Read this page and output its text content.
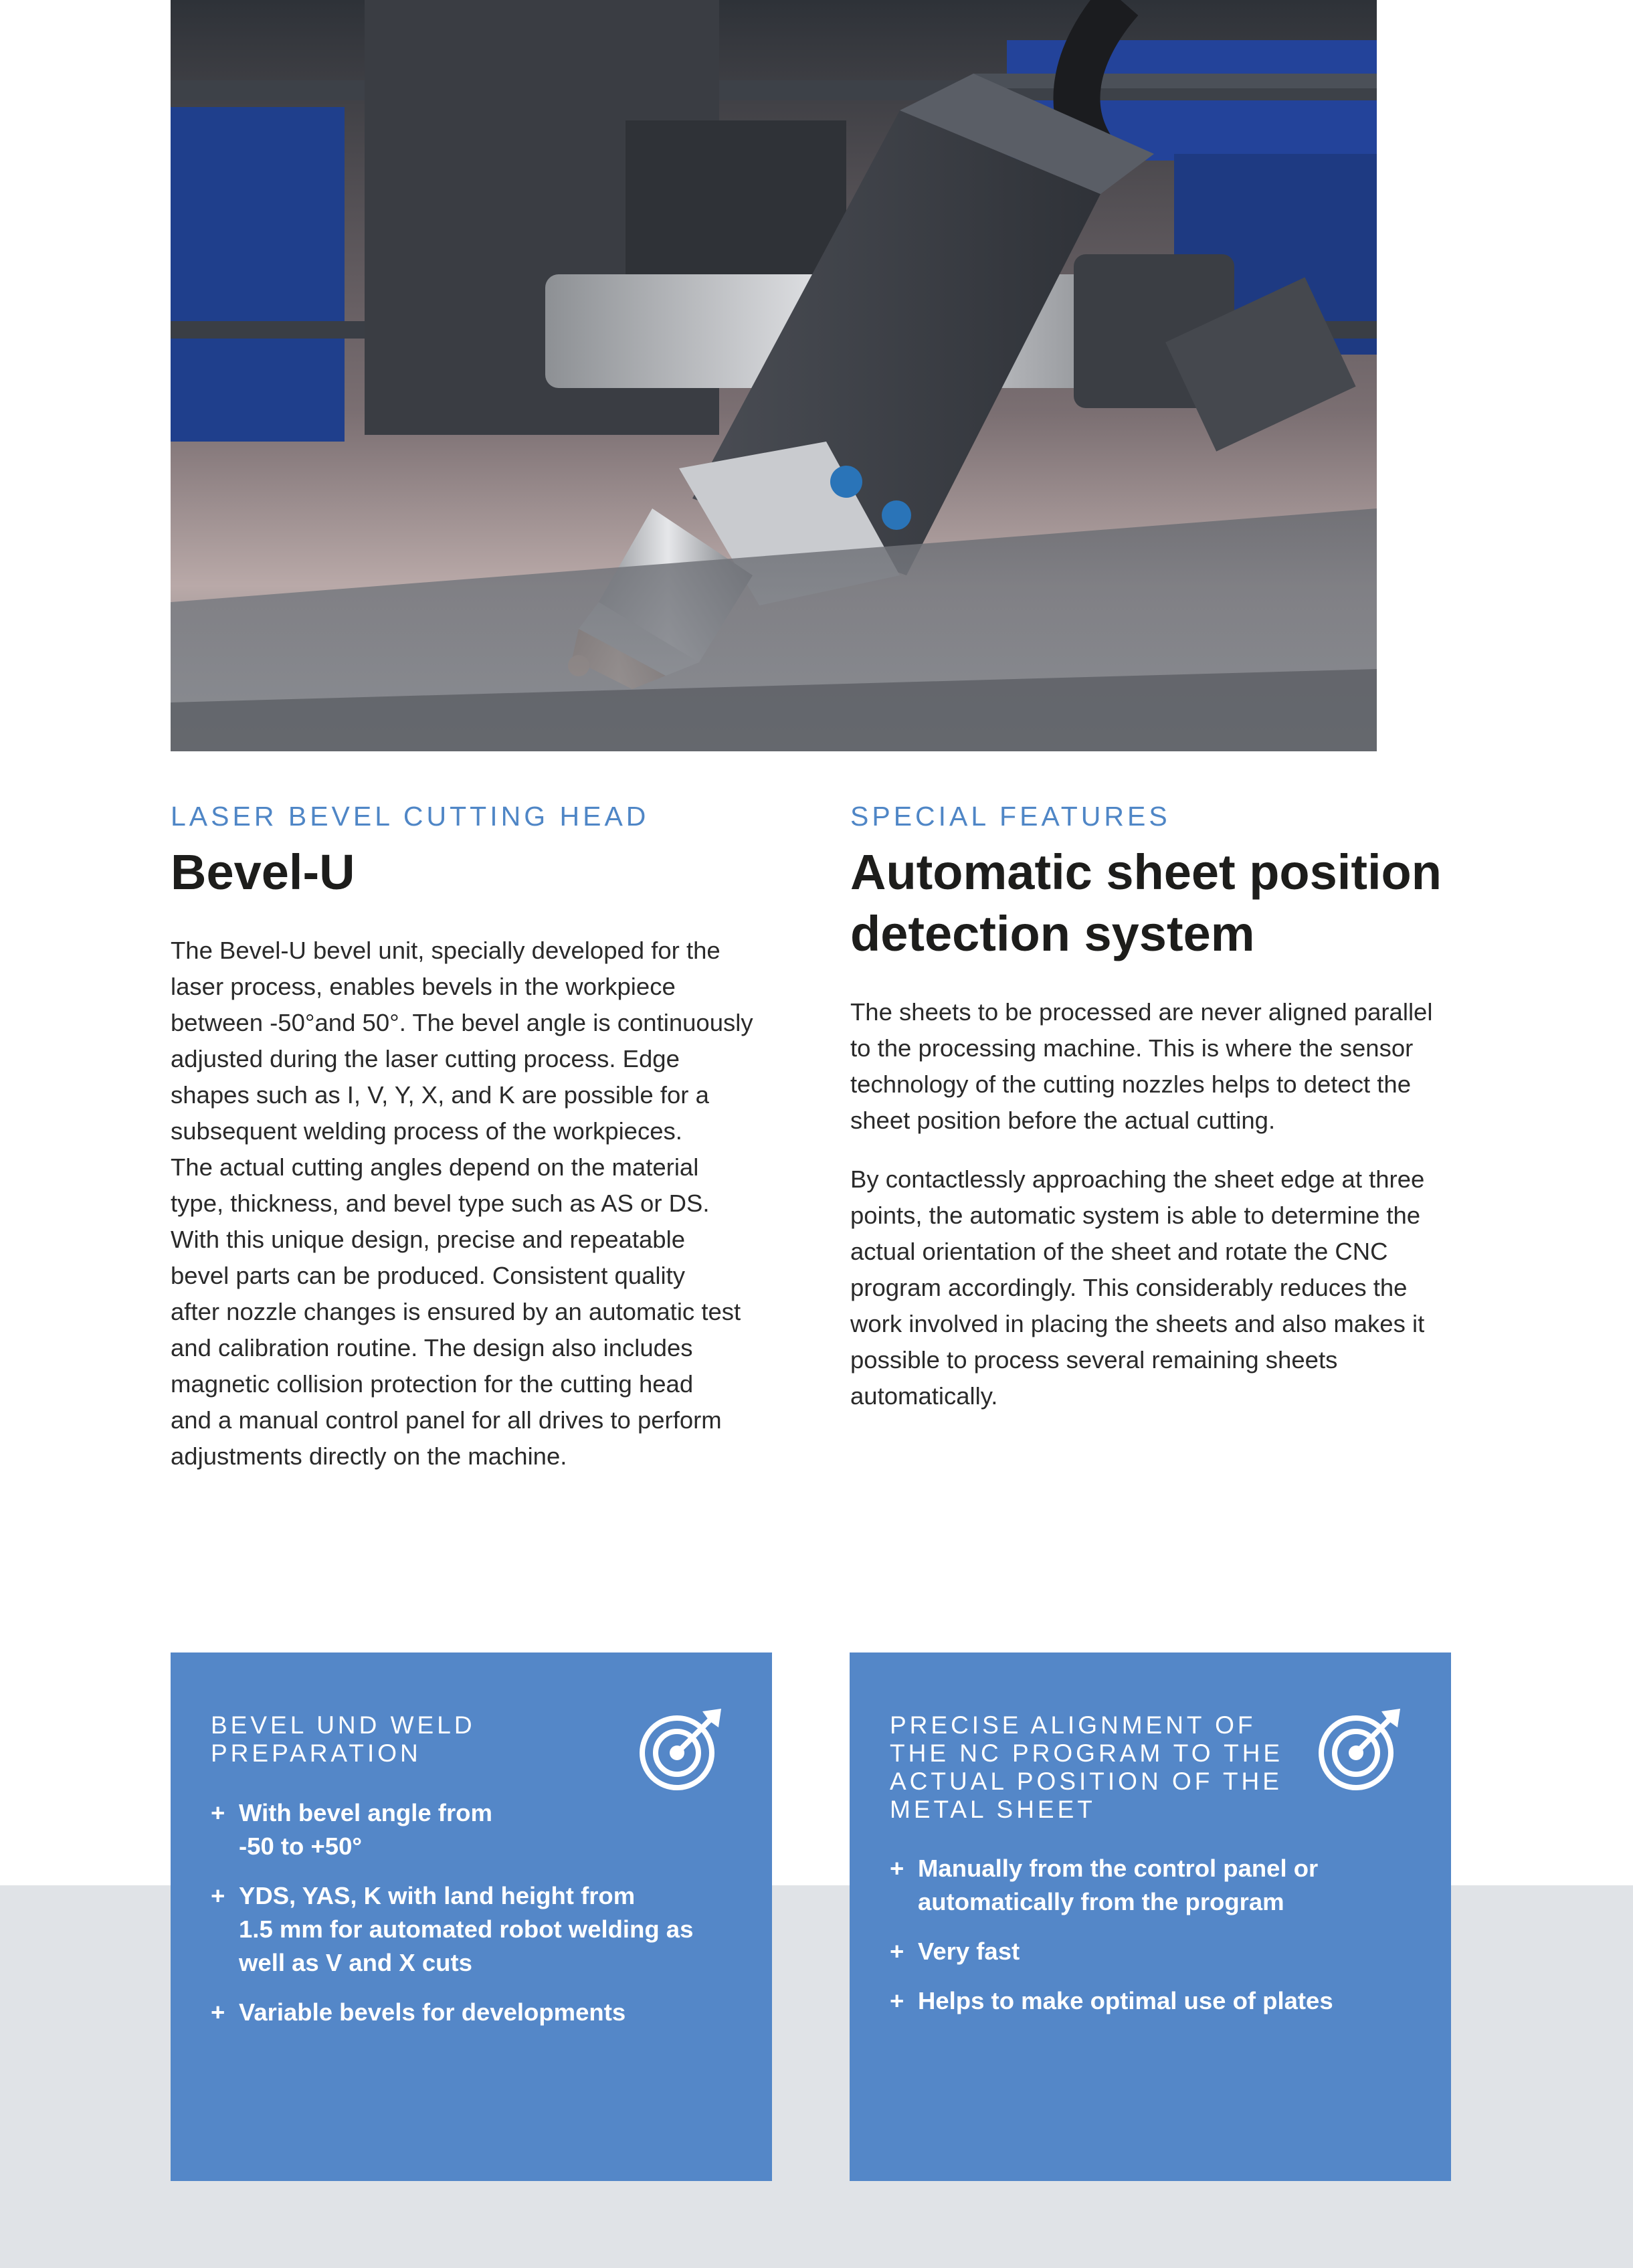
LASER BEVEL CUTTING HEAD
Bevel-U

The Bevel-U bevel unit, specially developed for the

laser process, enables bevels in the workpiece

between -50°and 50°. The bevel angle is continuously

adjusted during the laser cutting process. Edge

shapes such as I, V, Y, X, and K are possible for a

subsequent welding process of the workpieces.

The actual cutting angles depend on the material

type, thickness, and bevel type such as AS or DS.

With this unique design, precise and repeatable

bevel parts can be produced. Consistent quality

after nozzle changes is ensured by an automatic test

and calibration routine. The design also includes

magnetic collision protection for the cutting head

and a manual control panel for all drives to perform

adjustments directly on the machine.

SPECIAL FEATURES
Automatic sheet position
detection system

The sheets to be processed are never aligned parallel
to the processing machine. This is where the sensor
technology of the cutting nozzles helps to detect the
sheet position before the actual cutting.

By contactlessly approaching the sheet edge at three
points, the automatic system is able to determine the
actual orientation of the sheet and rotate the CNC
program accordingly. This considerably reduces the
work involved in placing the sheets and also makes it
possible to process several remaining sheets
automatically.

BEVEL UND WELD
PREPARATION
+ With bevel angle from
-50 to +50°
+ YDS, YAS, K with land height from
1.5 mm for automated robot welding as
well as V and X cuts
+ Variable bevels for developments
PRECISE ALIGNMENT OF
THE NC PROGRAM TO THE
ACTUAL POSITION OF THE
METAL SHEET
+ Manually from the control panel or
automatically from the program
+ Very fast
+ Helps to make optimal use of plates
